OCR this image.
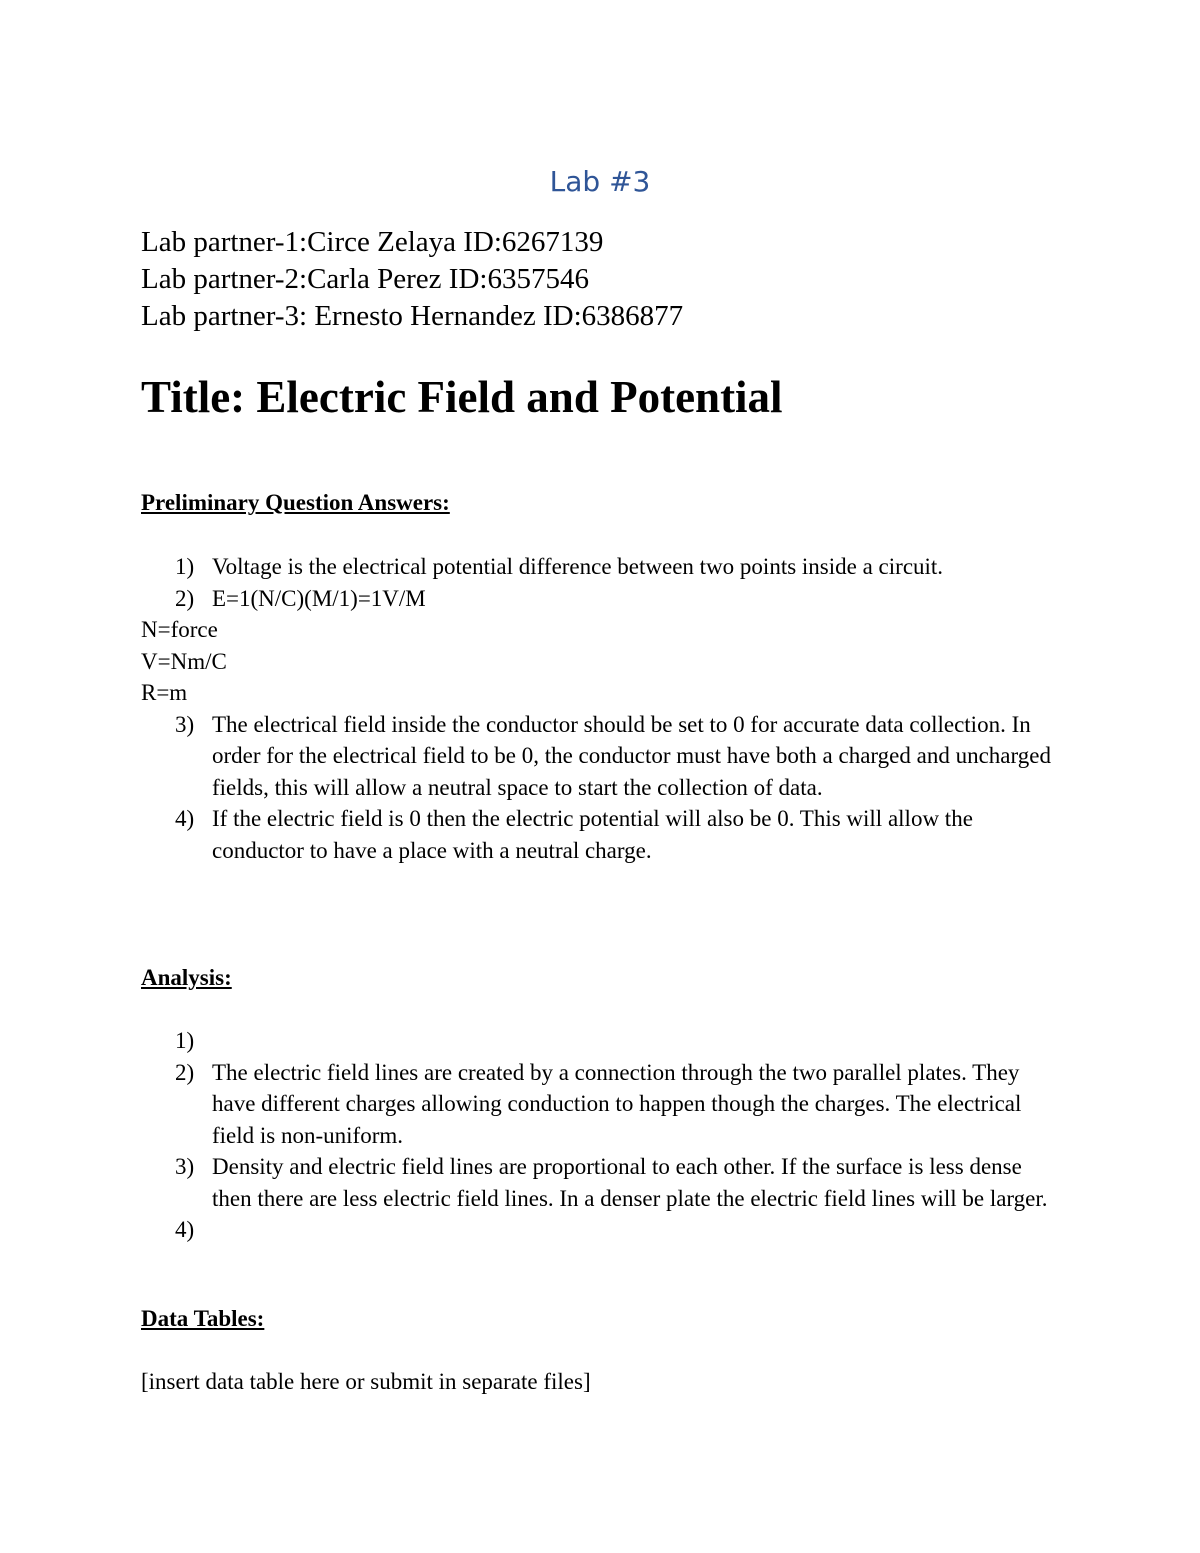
Lab #3
Lab partner-1:Circe Zelaya ID:6267139
Lab partner-2:Carla Perez ID:6357546
Lab partner-3: Ernesto Hernandez ID:6386877
Title: Electric Field and Potential
Preliminary Question Answers:
1) Voltage is the electrical potential difference between two points inside a circuit.
2) E=1(N/C)(M/1)=1V/M
N=force
V=Nm/C
R=m
3) The electrical field inside the conductor should be set to 0 for accurate data collection. In order for the electrical field to be 0, the conductor must have both a charged and uncharged fields, this will allow a neutral space to start the collection of data.
4) If the electric field is 0 then the electric potential will also be 0. This will allow the conductor to have a place with a neutral charge.
Analysis:
1)

2) The electric field lines are created by a connection through the two parallel plates. They have different charges allowing conduction to happen though the charges. The electrical field is non-uniform.
3) Density and electric field lines are proportional to each other. If the surface is less dense then there are less electric field lines. In a denser plate the electric field lines will be larger.
4)

Data Tables:
[insert data table here or submit in separate files]
